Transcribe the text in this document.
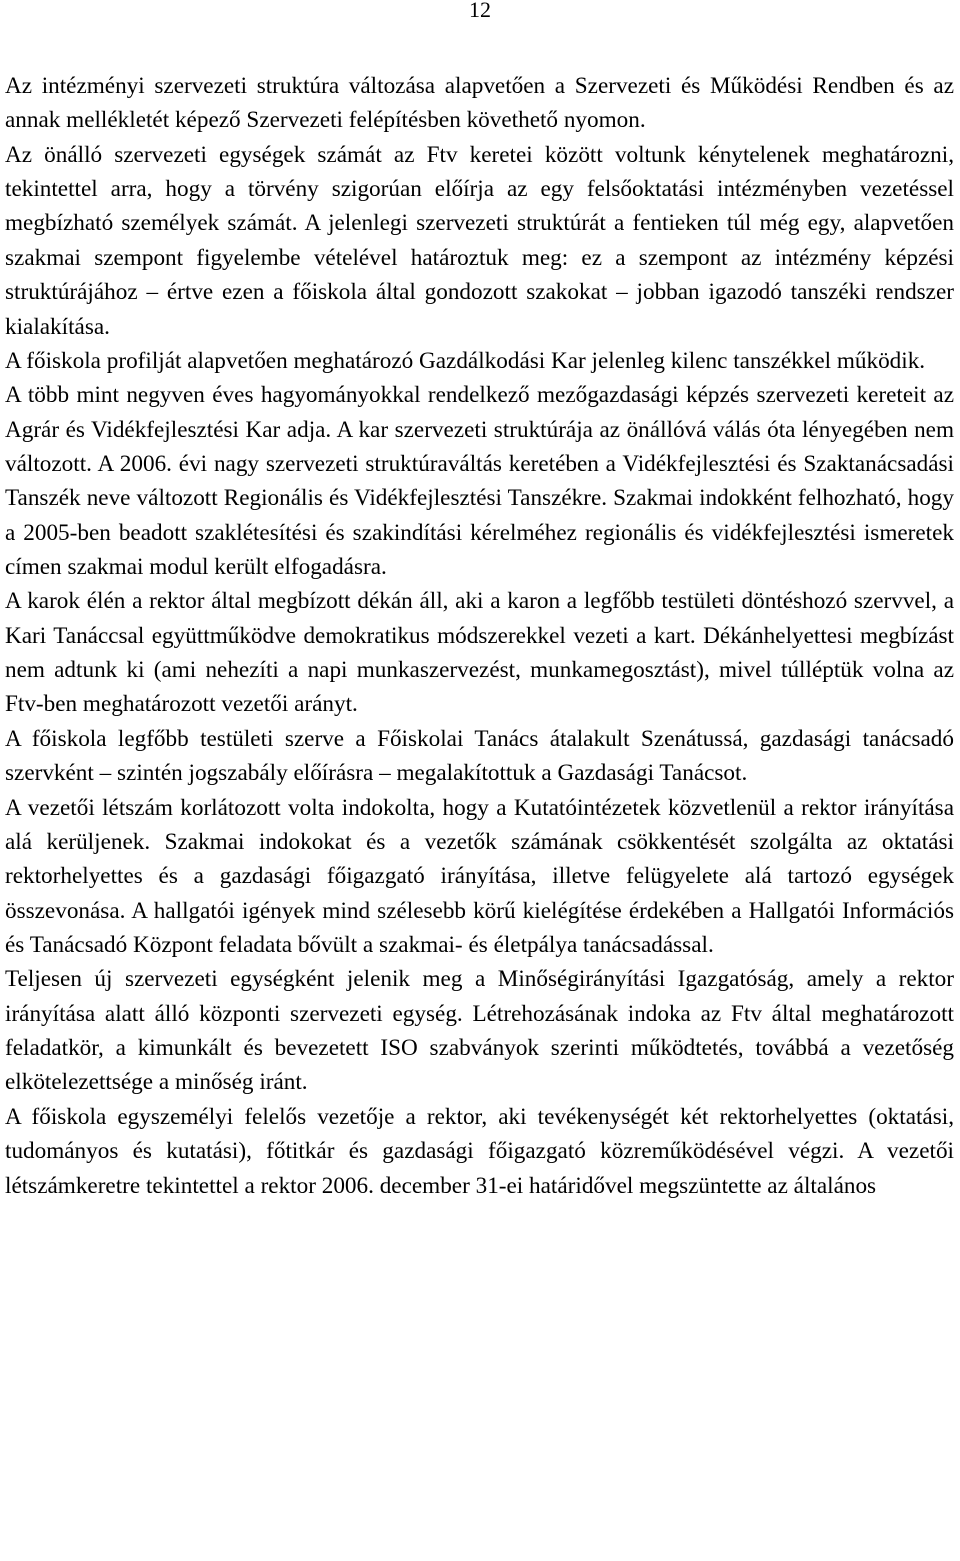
12

Az intézményi szervezeti struktúra változása alapvetően a Szervezeti és Működési Rendben és az annak mellékletét képező Szervezeti felépítésben követhető nyomon.

Az önálló szervezeti egységek számát az Ftv keretei között voltunk kénytelenek meghatározni, tekintettel arra, hogy a törvény szigorúan előírja az egy felsőoktatási intézményben vezetéssel megbízható személyek számát. A jelenlegi szervezeti struktúrát a fentieken túl még egy, alapvetően szakmai szempont figyelembe vételével határoztuk meg: ez a szempont az intézmény képzési struktúrájához – értve ezen a főiskola által gondozott szakokat – jobban igazodó tanszéki rendszer kialakítása.

A főiskola profilját alapvetően meghatározó Gazdálkodási Kar jelenleg kilenc tanszékkel működik.

A több mint negyven éves hagyományokkal rendelkező mezőgazdasági képzés szervezeti kereteit az Agrár és Vidékfejlesztési Kar adja. A kar szervezeti struktúrája az önállóvá válás óta lényegében nem változott. A 2006. évi nagy szervezeti struktúraváltás keretében a Vidékfejlesztési és Szaktanácsadási Tanszék neve változott Regionális és Vidékfejlesztési Tanszékre. Szakmai indokként felhozható, hogy a 2005-ben beadott szaklétesítési és szakindítási kérelméhez regionális és vidékfejlesztési ismeretek címen szakmai modul került elfogadásra.

A karok élén a rektor által megbízott dékán áll, aki a karon a legfőbb testületi döntéshozó szervvel, a Kari Tanáccsal együttműködve demokratikus módszerekkel vezeti a kart. Dékánhelyettesi megbízást nem adtunk ki (ami nehezíti a napi munkaszervezést, munkamegosztást), mivel túlléptük volna az Ftv-ben meghatározott vezetői arányt.

A főiskola legfőbb testületi szerve a Főiskolai Tanács átalakult Szenátussá, gazdasági tanácsadó szervként – szintén jogszabály előírásra – megalakítottuk a Gazdasági Tanácsot.

A vezetői létszám korlátozott volta indokolta, hogy a Kutatóintézetek közvetlenül a rektor irányítása alá kerüljenek. Szakmai indokokat és a vezetők számának csökkentését szolgálta az oktatási rektorhelyettes és a gazdasági főigazgató irányítása, illetve felügyelete alá tartozó egységek összevonása. A hallgatói igények mind szélesebb körű kielégítése érdekében a Hallgatói Információs és Tanácsadó Központ feladata bővült a szakmai- és életpálya tanácsadással.

Teljesen új szervezeti egységként jelenik meg a Minőségirányítási Igazgatóság, amely a rektor irányítása alatt álló központi szervezeti egység. Létrehozásának indoka az Ftv által meghatározott feladatkör, a kimunkált és bevezetett ISO szabványok szerinti működtetés, továbbá a vezetőség elkötelezettsége a minőség iránt.

A főiskola egyszemélyi felelős vezetője a rektor, aki tevékenységét két rektorhelyettes (oktatási, tudományos és kutatási), főtitkár és gazdasági főigazgató közreműködésével végzi. A vezetői létszámkeretre tekintettel a rektor 2006. december 31-ei határidővel megszüntette az általános
